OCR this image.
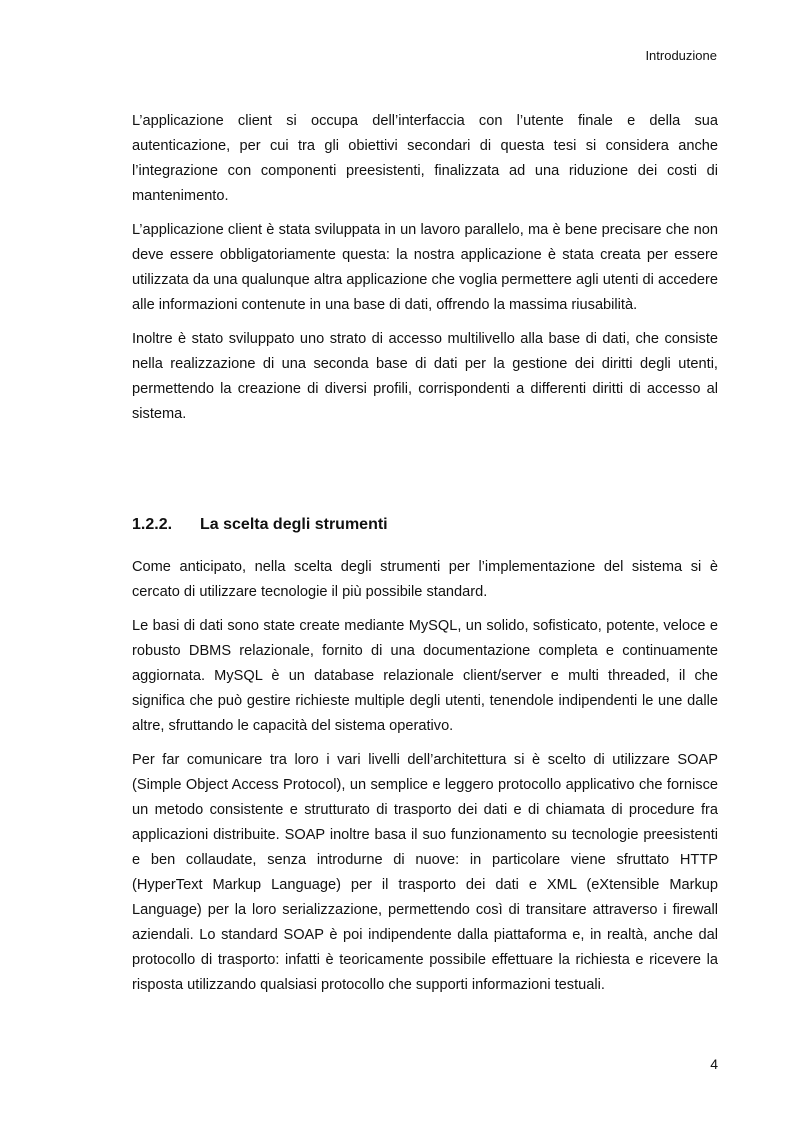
Introduzione

L’applicazione client si occupa dell’interfaccia con l’utente finale e della sua autenticazione, per cui tra gli obiettivi secondari di questa tesi si considera anche l’integrazione con componenti preesistenti, finalizzata ad una riduzione dei costi di mantenimento.

L’applicazione client è stata sviluppata in un lavoro parallelo, ma è bene precisare che non deve essere obbligatoriamente questa: la nostra applicazione è stata creata per essere utilizzata da una qualunque altra applicazione che voglia permettere agli utenti di accedere alle informazioni contenute in una base di dati, offrendo la massima riusabilità.

Inoltre è stato sviluppato uno strato di accesso multilivello alla base di dati, che consiste nella realizzazione di una seconda base di dati per la gestione dei diritti degli utenti, permettendo la creazione di diversi profili, corrispondenti a differenti diritti di accesso al sistema.

1.2.2. La scelta degli strumenti

Come anticipato, nella scelta degli strumenti per l’implementazione del sistema si è cercato di utilizzare tecnologie il più possibile standard.

Le basi di dati sono state create mediante MySQL, un solido, sofisticato, potente, veloce e robusto DBMS relazionale, fornito di una documentazione completa e continuamente aggiornata. MySQL è un database relazionale client/server e multi threaded, il che significa che può gestire richieste multiple degli utenti, tenendole indipendenti le une dalle altre, sfruttando le capacità del sistema operativo.

Per far comunicare tra loro i vari livelli dell’architettura si è scelto di utilizzare SOAP (Simple Object Access Protocol), un semplice e leggero protocollo applicativo che fornisce un metodo consistente e strutturato di trasporto dei dati e di chiamata di procedure fra applicazioni distribuite. SOAP inoltre basa il suo funzionamento su tecnologie preesistenti e ben collaudate, senza introdurne di nuove: in particolare viene sfruttato HTTP (HyperText Markup Language) per il trasporto dei dati e XML (eXtensible Markup Language) per la loro serializzazione, permettendo così di transitare attraverso i firewall aziendali. Lo standard SOAP è poi indipendente dalla piattaforma e, in realtà, anche dal protocollo di trasporto: infatti è teoricamente possibile effettuare la richiesta e ricevere la risposta utilizzando qualsiasi protocollo che supporti informazioni testuali.

4
